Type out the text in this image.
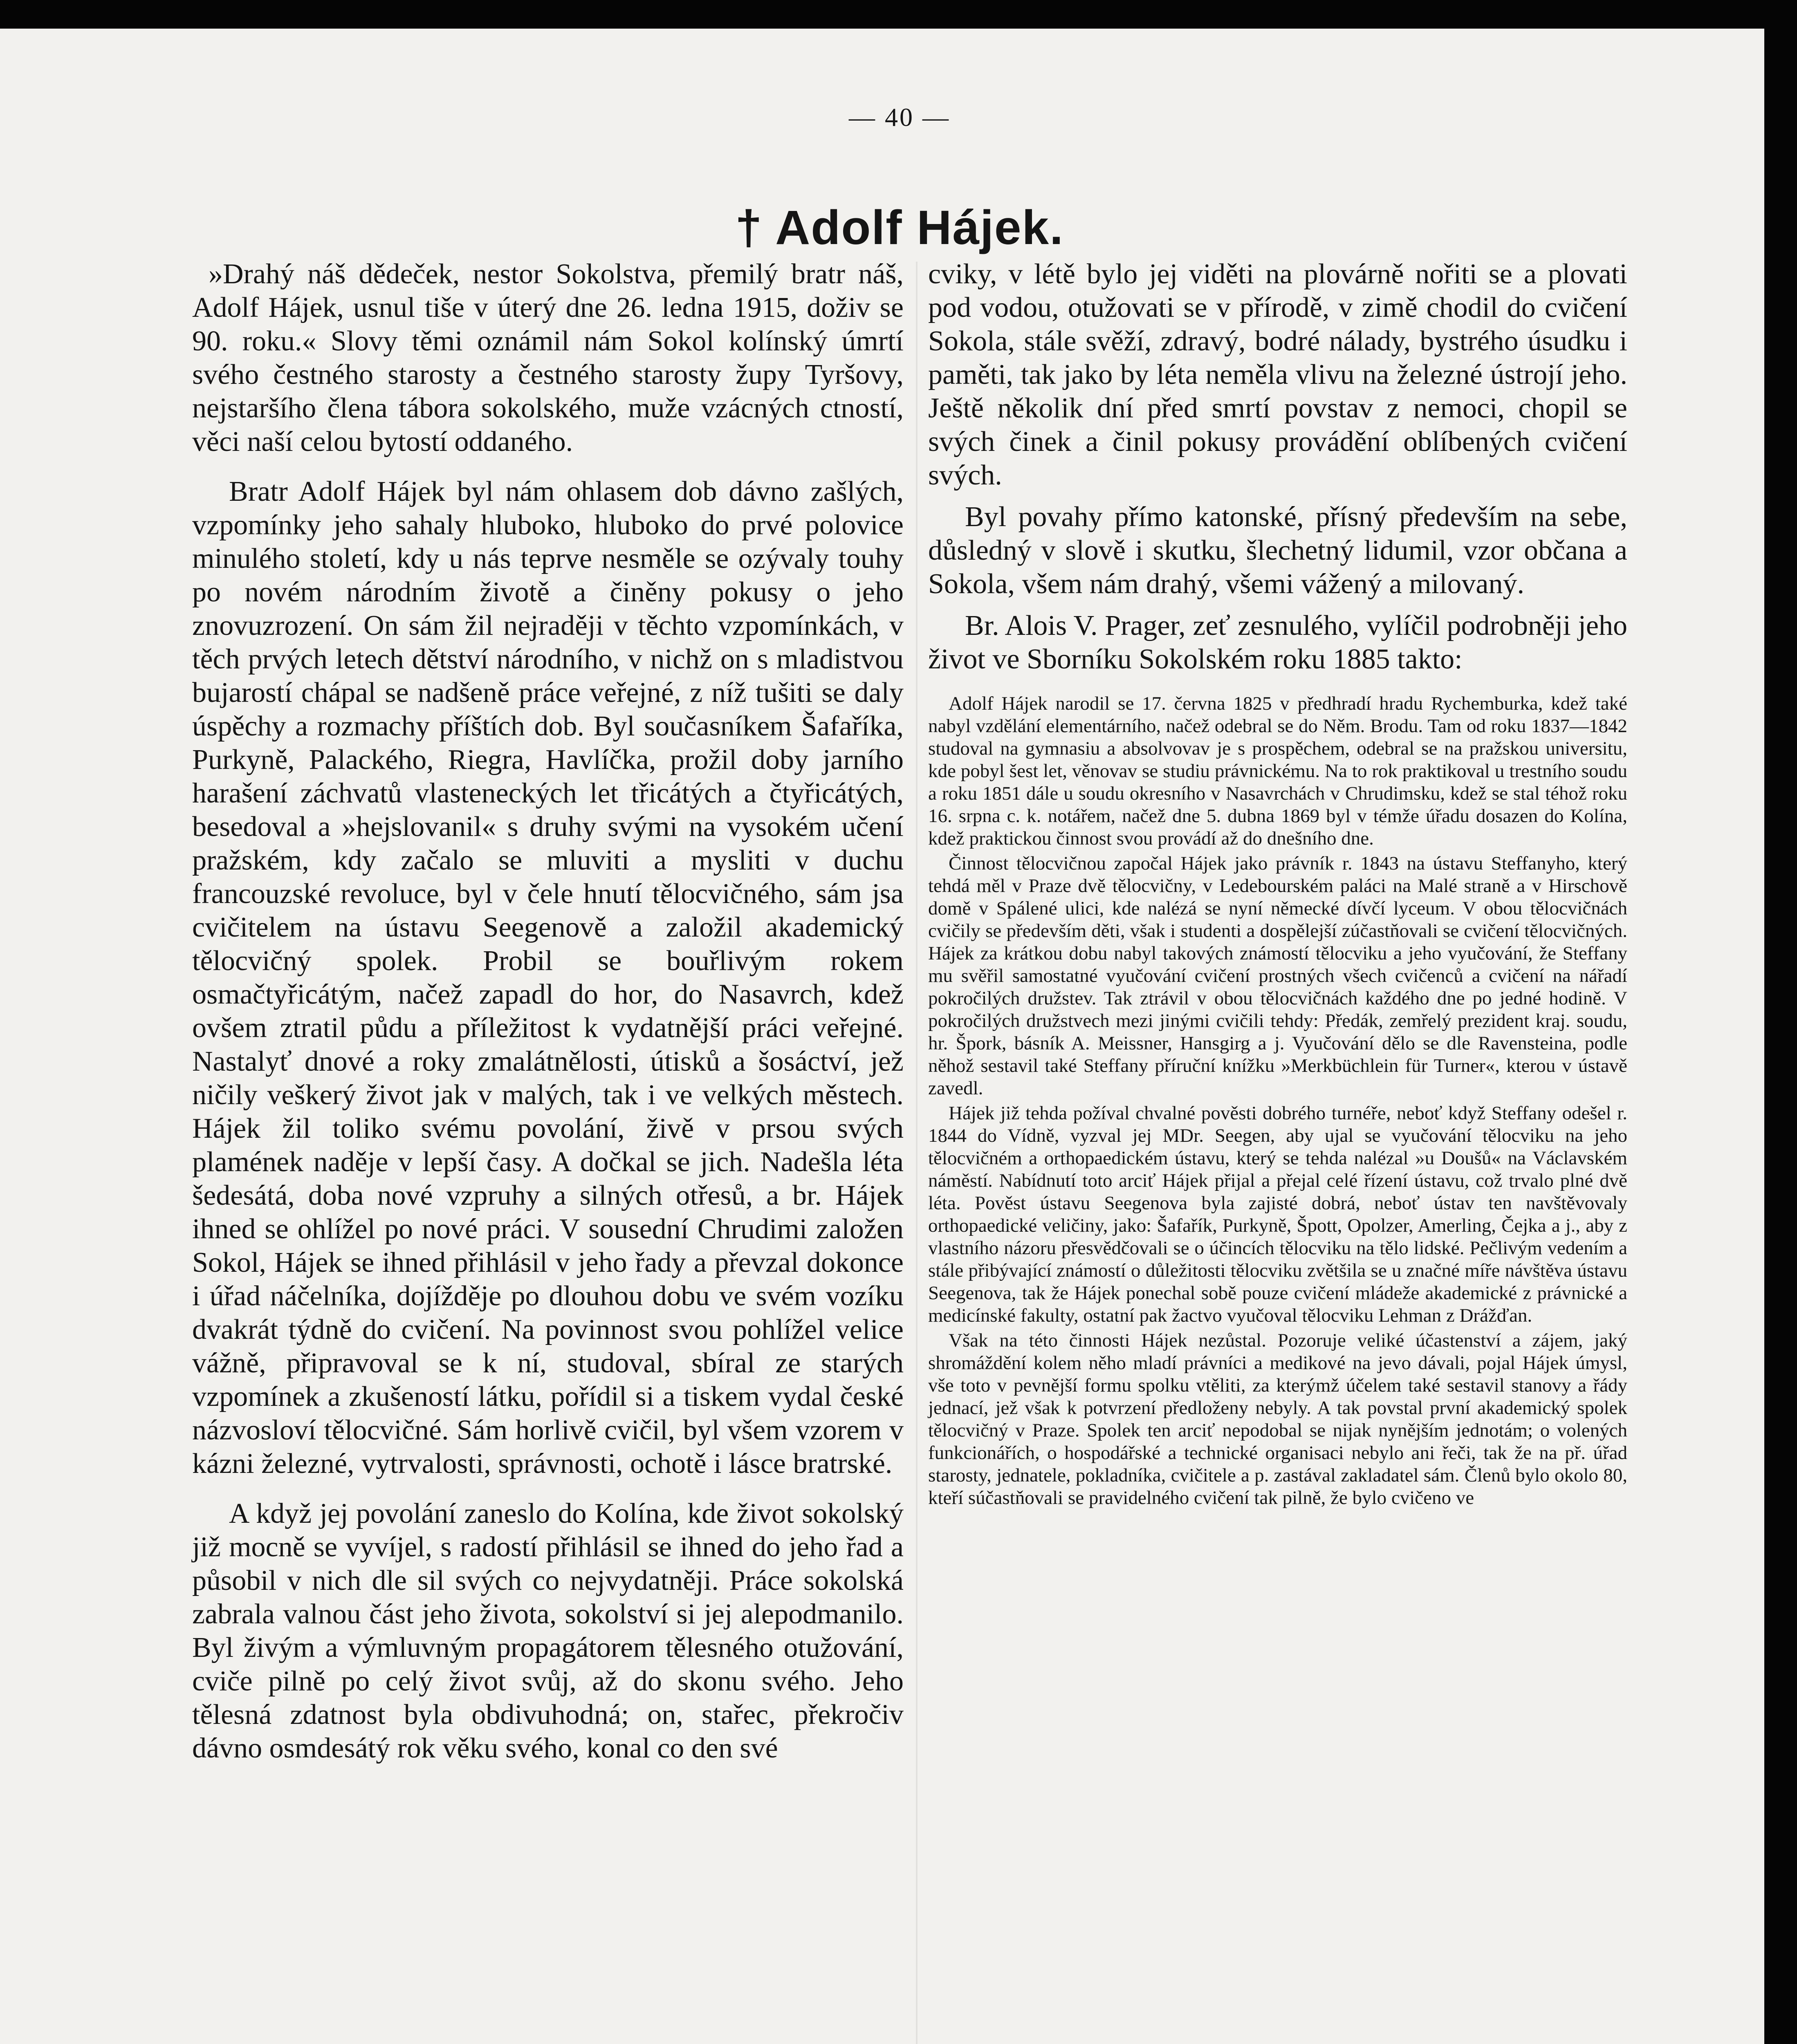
— 40 —
† Adolf Hájek.

»Drahý náš dědeček, nestor Sokolstva, přemilý bratr náš, Adolf Hájek, usnul tiše v úterý dne 26. ledna 1915, doživ se 90. roku.« Slovy těmi oznámil nám Sokol kolínský úmrtí svého čestného starosty a čestného starosty župy Tyršovy, nejstaršího člena tábora sokolského, muže vzácných ctností, věci naší celou bytostí oddaného.

Bratr Adolf Hájek byl nám ohlasem dob dávno zašlých, vzpomínky jeho sahaly hluboko, hluboko do prvé polovice minulého století, kdy u nás teprve nesměle se ozývaly touhy po novém národním životě a činěny pokusy o jeho znovuzrození. On sám žil nejraději v těchto vzpomínkách, v těch prvých letech dětství národního, v nichž on s mladistvou bujarostí chápal se nadšeně práce veřejné, z níž tušiti se daly úspěchy a rozmachy příštích dob. Byl současníkem Šafaříka, Purkyně, Palackého, Riegra, Havlíčka, prožil doby jarního harašení záchvatů vlasteneckých let třicátých a čtyřicátých, besedoval a »hejslovanil« s druhy svými na vysokém učení pražském, kdy začalo se mluviti a mysliti v duchu francouzské revoluce, byl v čele hnutí tělocvičného, sám jsa cvičitelem na ústavu Seegenově a založil akademický tělocvičný spolek. Probil se bouřlivým rokem osmačtyřicátým, načež zapadl do hor, do Nasavrch, kdež ovšem ztratil půdu a příležitost k vydatnější práci veřejné. Nastalyť dnové a roky zmalátnělosti, útisků a šosáctví, jež ničily veškerý život jak v malých, tak i ve velkých městech. Hájek žil toliko svému povolání, živě v prsou svých plamének naděje v lepší časy. A dočkal se jich. Nadešla léta šedesátá, doba nové vzpruhy a silných otřesů, a br. Hájek ihned se ohlížel po nové práci. V sousední Chrudimi založen Sokol, Hájek se ihned přihlásil v jeho řady a převzal dokonce i úřad náčelníka, dojížděje po dlouhou dobu ve svém vozíku dvakrát týdně do cvičení. Na povinnost svou pohlížel velice vážně, připravoval se k ní, studoval, sbíral ze starých vzpomínek a zkušeností látku, pořídil si a tiskem vydal české názvosloví tělocvičné. Sám horlivě cvičil, byl všem vzorem v kázni železné, vytrvalosti, správnosti, ochotě i lásce bratrské.

A když jej povolání zaneslo do Kolína, kde život sokolský již mocně se vyvíjel, s radostí přihlásil se ihned do jeho řad a působil v nich dle sil svých co nejvydatněji. Práce sokolská zabrala valnou část jeho života, sokolství si jej alepodmanilo. Byl živým a výmluvným propagátorem tělesného otužování, cviče pilně po celý život svůj, až do skonu svého. Jeho tělesná zdatnost byla obdivuhodná; on, stařec, překročiv dávno osmdesátý rok věku svého, konal co den své

cviky, v létě bylo jej viděti na plovárně nořiti se a plovati pod vodou, otužovati se v přírodě, v zimě chodil do cvičení Sokola, stále svěží, zdravý, bodré nálady, bystrého úsudku i paměti, tak jako by léta neměla vlivu na železné ústrojí jeho. Ještě několik dní před smrtí povstav z nemoci, chopil se svých činek a činil pokusy provádění oblíbených cvičení svých.

Byl povahy přímo katonské, přísný především na sebe, důsledný v slově i skutku, šlechetný lidumil, vzor občana a Sokola, všem nám drahý, všemi vážený a milovaný.

Br. Alois V. Prager, zeť zesnulého, vylíčil podrobněji jeho život ve Sborníku Sokolském roku 1885 takto:

Adolf Hájek narodil se 17. června 1825 v předhradí hradu Rychemburka, kdež také nabyl vzdělání elementárního, načež odebral se do Něm. Brodu. Tam od roku 1837—1842 studoval na gymnasiu a absolvovav je s prospěchem, odebral se na pražskou universitu, kde pobyl šest let, věnovav se studiu právnickému. Na to rok praktikoval u trestního soudu a roku 1851 dále u soudu okresního v Nasavrchách v Chrudimsku, kdež se stal téhož roku 16. srpna c. k. notářem, načež dne 5. dubna 1869 byl v témže úřadu dosazen do Kolína, kdež praktickou činnost svou provádí až do dnešního dne.

Činnost tělocvičnou započal Hájek jako právník r. 1843 na ústavu Steffanyho, který tehdá měl v Praze dvě tělocvičny, v Ledebourském paláci na Malé straně a v Hirschově domě v Spálené ulici, kde nalézá se nyní německé dívčí lyceum. V obou tělocvičnách cvičily se především děti, však i studenti a dospělejší zúčastňovali se cvičení tělocvičných. Hájek za krátkou dobu nabyl takových známostí tělocviku a jeho vyučování, že Steffany mu svěřil samostatné vyučování cvičení prostných všech cvičenců a cvičení na nářadí pokročilých družstev. Tak ztrávil v obou tělocvičnách každého dne po jedné hodině. V pokročilých družstvech mezi jinými cvičili tehdy: Předák, zemřelý prezident kraj. soudu, hr. Špork, básník A. Meissner, Hansgirg a j. Vyučování dělo se dle Ravensteina, podle něhož sestavil také Steffany příruční knížku »Merkbüchlein für Turner«, kterou v ústavě zavedl.

Hájek již tehda požíval chvalné pověsti dobrého turnéře, neboť když Steffany odešel r. 1844 do Vídně, vyzval jej MDr. Seegen, aby ujal se vyučování tělocviku na jeho tělocvičném a orthopaedickém ústavu, který se tehda nalézal »u Doušů« na Václavském náměstí. Nabídnutí toto arciť Hájek přijal a přejal celé řízení ústavu, což trvalo plné dvě léta. Pověst ústavu Seegenova byla zajisté dobrá, neboť ústav ten navštěvovaly orthopaedické veličiny, jako: Šafařík, Purkyně, Špott, Opolzer, Amerling, Čejka a j., aby z vlastního názoru přesvědčovali se o účincích tělocviku na tělo lidské. Pečlivým vedením a stále přibývající známostí o důležitosti tělocviku zvětšila se u značné míře návštěva ústavu Seegenova, tak že Hájek ponechal sobě pouze cvičení mládeže akademické z právnické a medicínské fakulty, ostatní pak žactvo vyučoval tělocviku Lehman z Drážďan.

Však na této činnosti Hájek nezůstal. Pozoruje veliké účastenství a zájem, jaký shromáždění kolem něho mladí právníci a medikové na jevo dávali, pojal Hájek úmysl, vše toto v pevnější formu spolku vtěliti, za kterýmž účelem také sestavil stanovy a řády jednací, jež však k potvrzení předloženy nebyly. A tak povstal první akademický spolek tělocvičný v Praze. Spolek ten arciť nepodobal se nijak nynějším jednotám; o volených funkcionářích, o hospodářské a technické organisaci nebylo ani řeči, tak že na př. úřad starosty, jednatele, pokladníka, cvičitele a p. zastával zakladatel sám. Členů bylo okolo 80, kteří súčastňovali se pravidelného cvičení tak pilně, že bylo cvičeno ve
